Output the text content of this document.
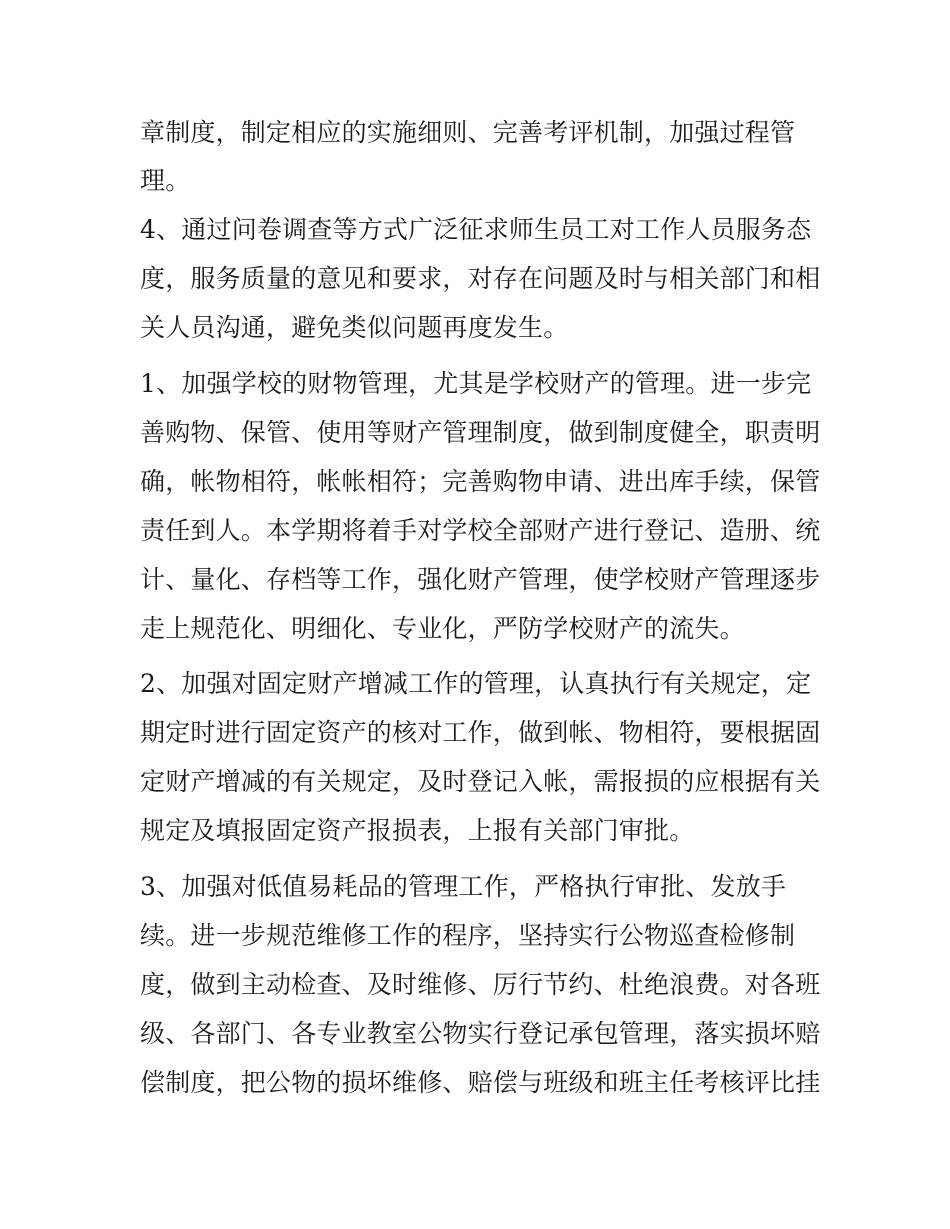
章制度，制定相应的实施细则、完善考评机制，加强过程管
理。
4、通过问卷调查等方式广泛征求师生员工对工作人员服务态
度，服务质量的意见和要求，对存在问题及时与相关部门和相
关人员沟通，避免类似问题再度发生。
1、加强学校的财物管理，尤其是学校财产的管理。进一步完
善购物、保管、使用等财产管理制度，做到制度健全，职责明
确，帐物相符，帐帐相符；完善购物申请、进出库手续，保管
责任到人。本学期将着手对学校全部财产进行登记、造册、统
计、量化、存档等工作，强化财产管理，使学校财产管理逐步
走上规范化、明细化、专业化，严防学校财产的流失。
2、加强对固定财产增减工作的管理，认真执行有关规定，定
期定时进行固定资产的核对工作，做到帐、物相符，要根据固
定财产增减的有关规定，及时登记入帐，需报损的应根据有关
规定及填报固定资产报损表，上报有关部门审批。
3、加强对低值易耗品的管理工作，严格执行审批、发放手
续。进一步规范维修工作的程序，坚持实行公物巡查检修制
度，做到主动检查、及时维修、厉行节约、杜绝浪费。对各班
级、各部门、各专业教室公物实行登记承包管理，落实损坏赔
偿制度，把公物的损坏维修、赔偿与班级和班主任考核评比挂
